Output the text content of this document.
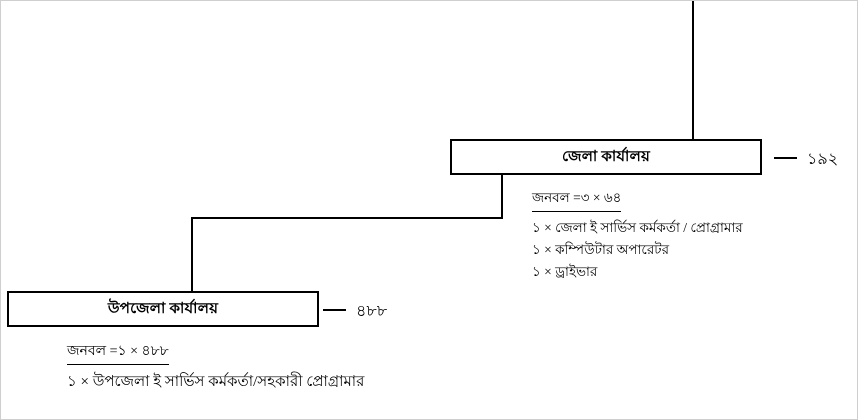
জেলা কার্যালয়	১৯২
জনবল =৩ × ৬৪
১ × জেলা ই সার্ভিস কর্মকর্তা / প্রােগ্রামার
১ × কম্পিউটার অপারেটর
১ × ড্রাইভার
উপজেলা কার্যালয়	৪৮৮
জনবল =১ × ৪৮৮
১ × উপজেলা ই সার্ভিস কর্মকর্তা/সহকারী প্রােগ্রামার
